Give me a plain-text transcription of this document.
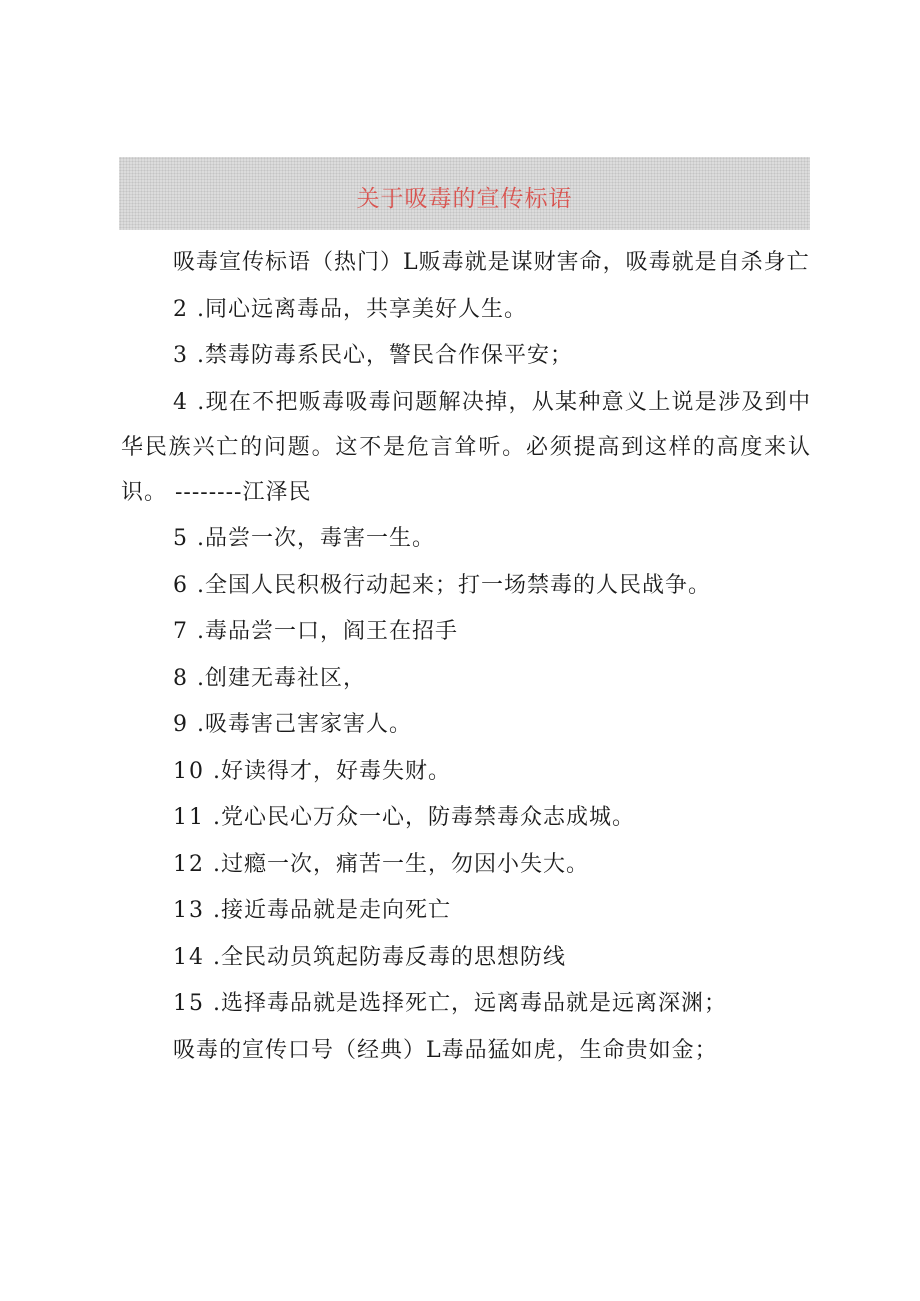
关于吸毒的宣传标语

吸毒宣传标语（热门）L贩毒就是谋财害命，吸毒就是自杀身亡

2 .同心远离毒品，共享美好人生。

3 .禁毒防毒系民心，警民合作保平安；

4 .现在不把贩毒吸毒问题解决掉，从某种意义上说是涉及到中华民族兴亡的问题。这不是危言耸听。必须提高到这样的高度来认识。 --------江泽民

5 .品尝一次，毒害一生。

6 .全国人民积极行动起来；打一场禁毒的人民战争。

7 .毒品尝一口，阎王在招手

8 .创建无毒社区，

9 .吸毒害己害家害人。

10 .好读得才，好毒失财。

11 .党心民心万众一心，防毒禁毒众志成城。

12 .过瘾一次，痛苦一生，勿因小失大。

13 .接近毒品就是走向死亡

14 .全民动员筑起防毒反毒的思想防线

15 .选择毒品就是选择死亡，远离毒品就是远离深渊；

吸毒的宣传口号（经典）L毒品猛如虎，生命贵如金；
